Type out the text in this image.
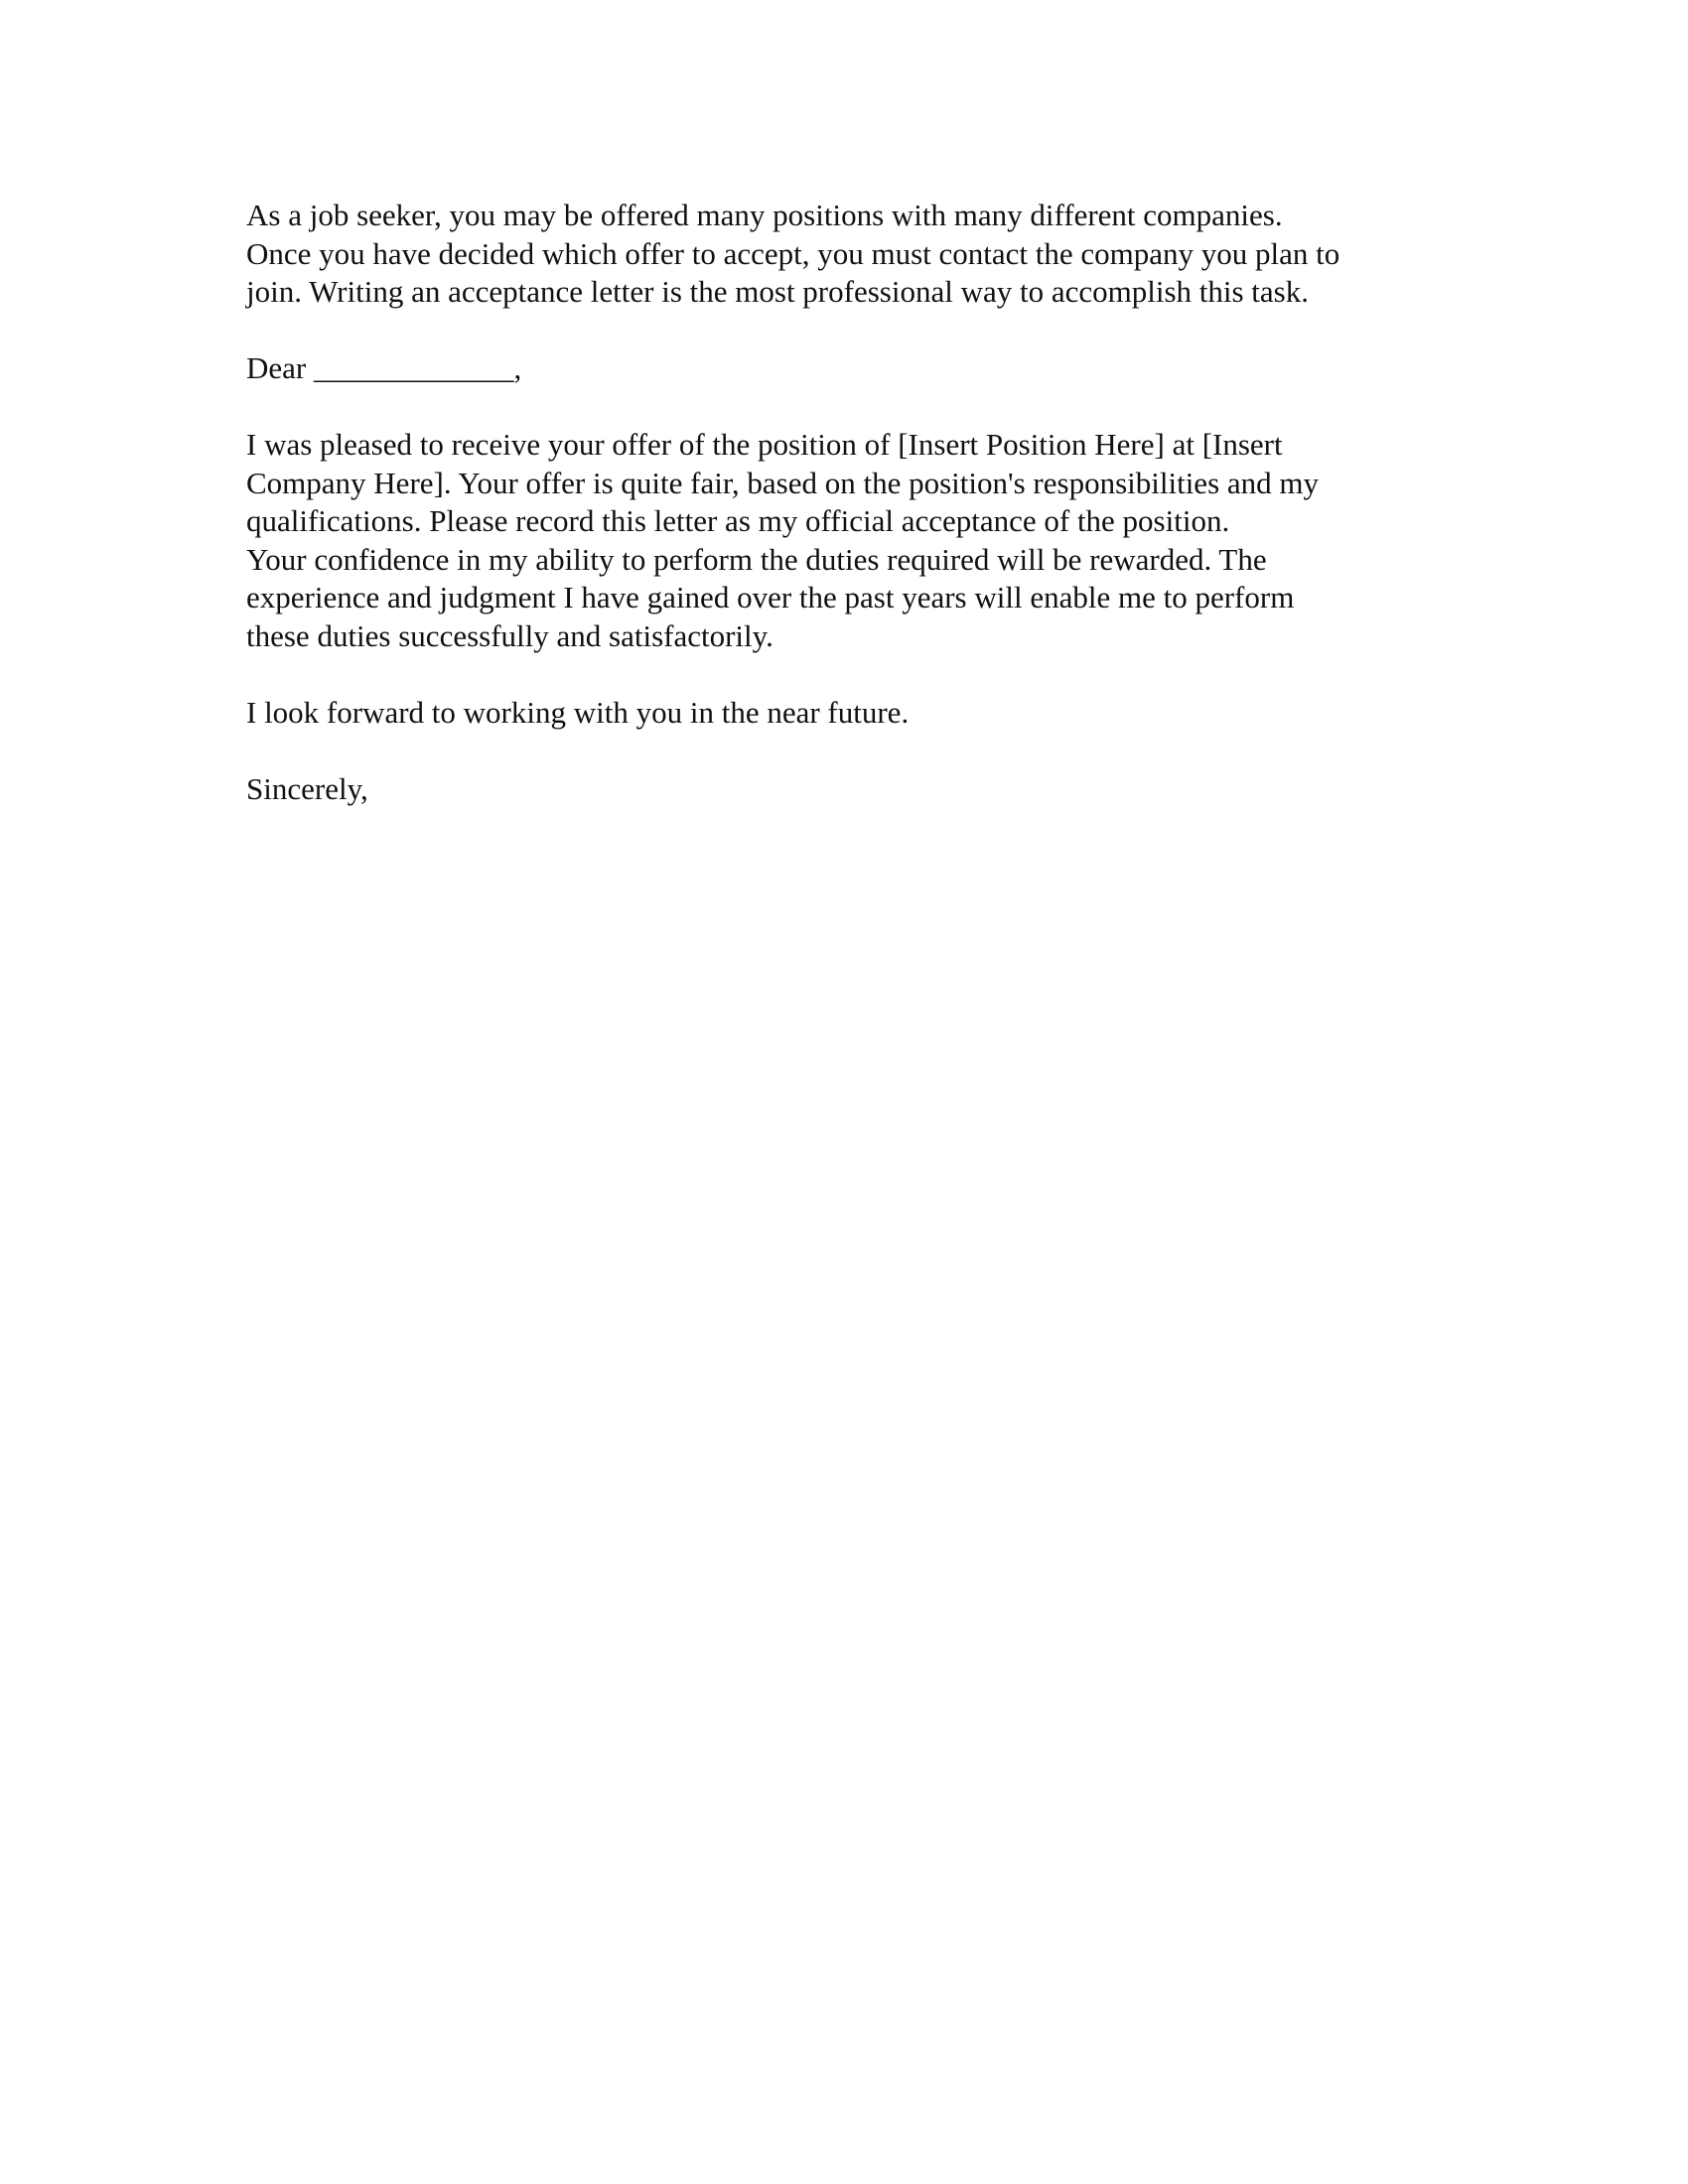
As a job seeker, you may be offered many positions with many different companies.
Once you have decided which offer to accept, you must contact the company you plan to
join. Writing an acceptance letter is the most professional way to accomplish this task.

Dear _____________,

I was pleased to receive your offer of the position of [Insert Position Here] at [Insert
Company Here]. Your offer is quite fair, based on the position's responsibilities and my
qualifications. Please record this letter as my official acceptance of the position.
Your confidence in my ability to perform the duties required will be rewarded. The
experience and judgment I have gained over the past years will enable me to perform
these duties successfully and satisfactorily.

I look forward to working with you in the near future.

Sincerely,
